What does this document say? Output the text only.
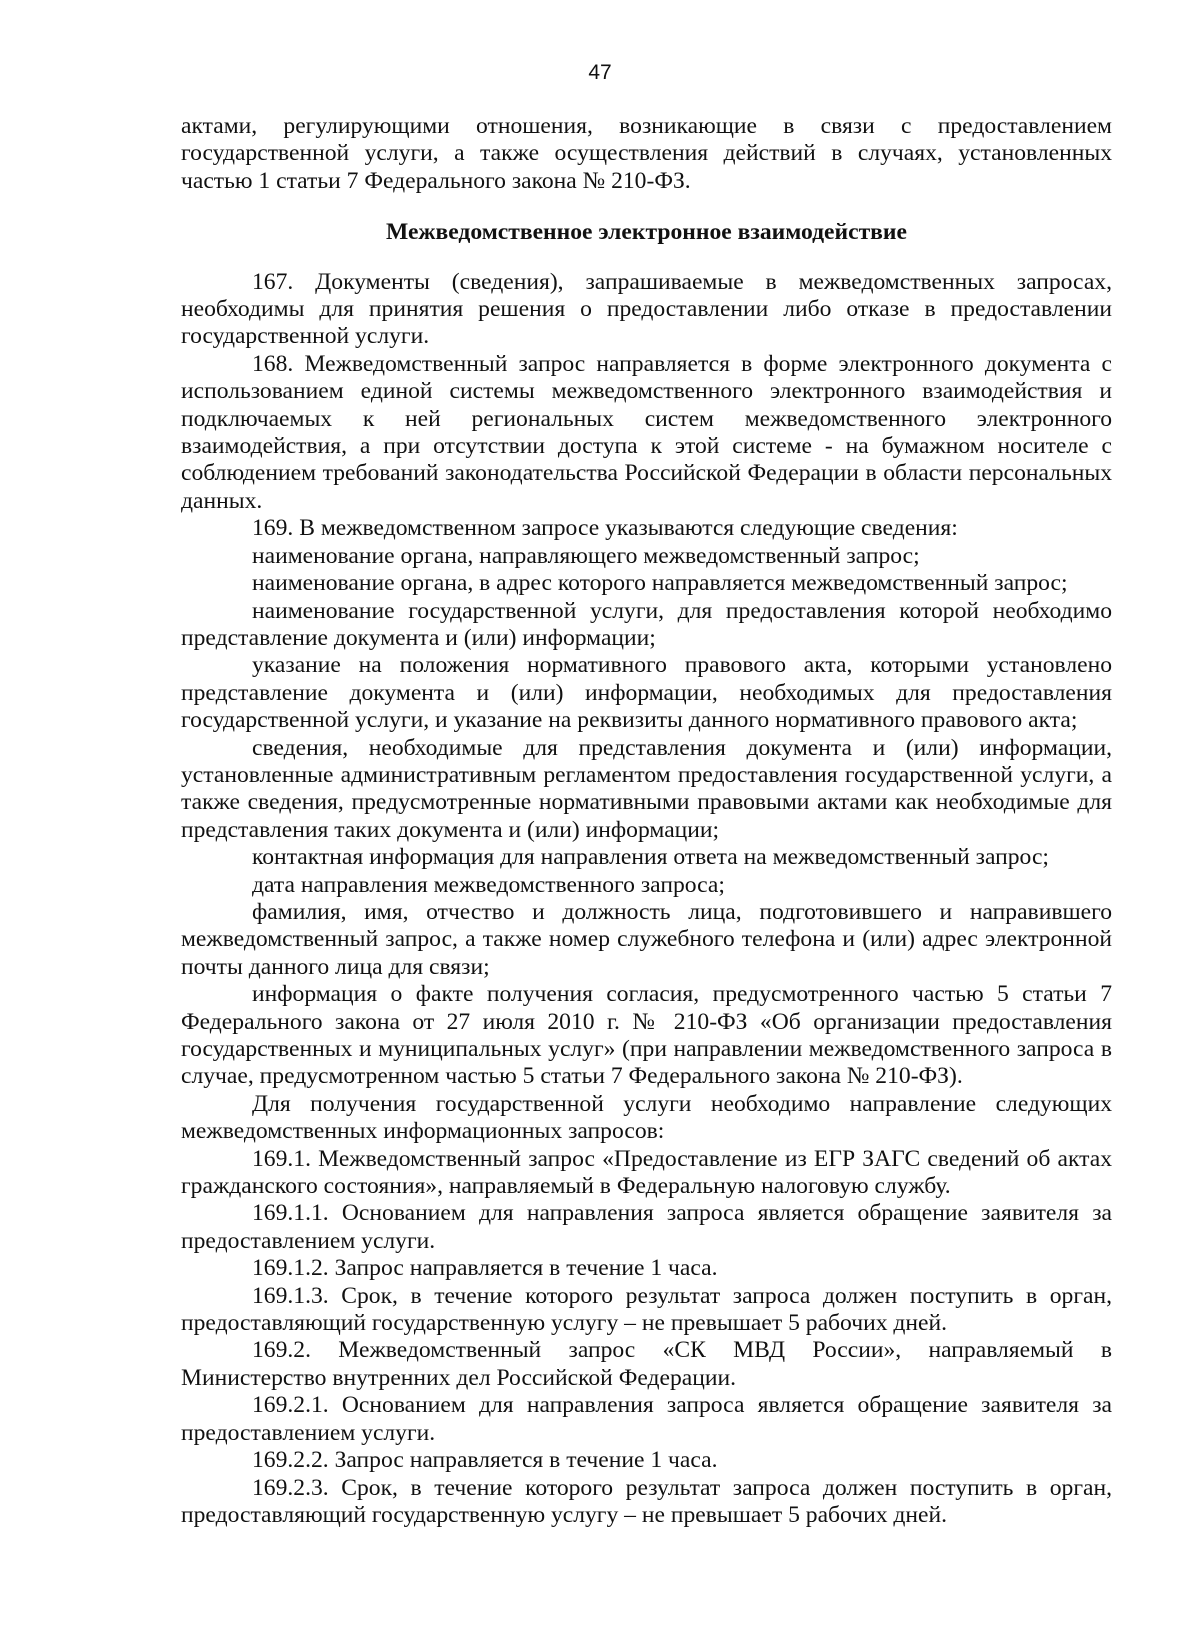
47

актами, регулирующими отношения, возникающие в связи с предоставлением государственной услуги, а также осуществления действий в случаях, установленных частью 1 статьи 7 Федерального закона № 210-ФЗ.

Межведомственное электронное взаимодействие

167. Документы (сведения), запрашиваемые в межведомственных запросах, необходимы для принятия решения о предоставлении либо отказе в предоставлении государственной услуги.

168. Межведомственный запрос направляется в форме электронного документа с использованием единой системы межведомственного электронного взаимодействия и подключаемых к ней региональных систем межведомственного электронного взаимодействия, а при отсутствии доступа к этой системе - на бумажном носителе с соблюдением требований законодательства Российской Федерации в области персональных данных.

169. В межведомственном запросе указываются следующие сведения:

наименование органа, направляющего межведомственный запрос;

наименование органа, в адрес которого направляется межведомственный запрос;

наименование государственной услуги, для предоставления которой необходимо представление документа и (или) информации;

указание на положения нормативного правового акта, которыми установлено представление документа и (или) информации, необходимых для предоставления государственной услуги, и указание на реквизиты данного нормативного правового акта;

сведения, необходимые для представления документа и (или) информации, установленные административным регламентом предоставления государственной услуги, а также сведения, предусмотренные нормативными правовыми актами как необходимые для представления таких документа и (или) информации;

контактная информация для направления ответа на межведомственный запрос;

дата направления межведомственного запроса;

фамилия, имя, отчество и должность лица, подготовившего и направившего межведомственный запрос, а также номер служебного телефона и (или) адрес электронной почты данного лица для связи;

информация о факте получения согласия, предусмотренного частью 5 статьи 7 Федерального закона от 27 июля 2010 г. № 210-ФЗ «Об организации предоставления государственных и муниципальных услуг» (при направлении межведомственного запроса в случае, предусмотренном частью 5 статьи 7 Федерального закона № 210-ФЗ).

Для получения государственной услуги необходимо направление следующих межведомственных информационных запросов:

169.1. Межведомственный запрос «Предоставление из ЕГР ЗАГС сведений об актах гражданского состояния», направляемый в Федеральную налоговую службу.

169.1.1. Основанием для направления запроса является обращение заявителя за предоставлением услуги.

169.1.2. Запрос направляется в течение 1 часа.

169.1.3. Срок, в течение которого результат запроса должен поступить в орган, предоставляющий государственную услугу – не превышает 5 рабочих дней.

169.2. Межведомственный запрос «СК МВД России», направляемый в Министерство внутренних дел Российской Федерации.

169.2.1. Основанием для направления запроса является обращение заявителя за предоставлением услуги.

169.2.2. Запрос направляется в течение 1 часа.

169.2.3. Срок, в течение которого результат запроса должен поступить в орган, предоставляющий государственную услугу – не превышает 5 рабочих дней.
